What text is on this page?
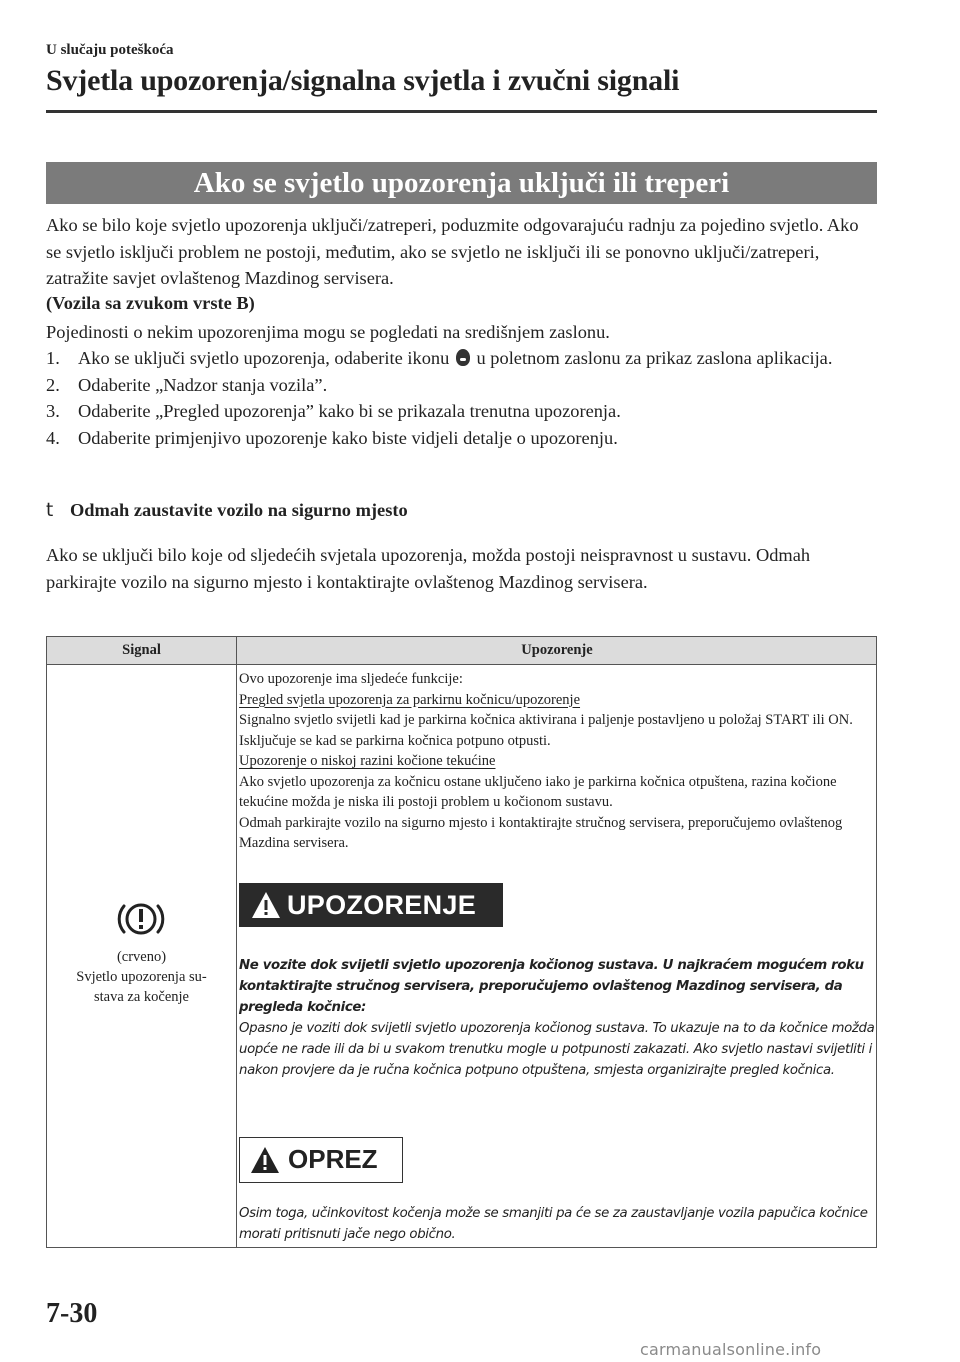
U slučaju poteškoća
Svjetla upozorenja/signalna svjetla i zvučni signali
Ako se svjetlo upozorenja uključi ili treperi
Ako se bilo koje svjetlo upozorenja uključi/zatreperi, poduzmite odgovarajuću radnju za pojedino svjetlo. Ako se svjetlo isključi problem ne postoji, međutim, ako se svjetlo ne isključi ili se ponovno uključi/zatreperi, zatražite savjet ovlaštenog Mazdinog servisera.
(Vozila sa zvukom vrste B)
Pojedinosti o nekim upozorenjima mogu se pogledati na središnjem zaslonu.
1. Ako se uključi svjetlo upozorenja, odaberite ikonu u poletnom zaslonu za prikaz zaslona aplikacija.
2. Odaberite „Nadzor stanja vozila”.
3. Odaberite „Pregled upozorenja” kako bi se prikazala trenutna upozorenja.
4. Odaberite primjenjivo upozorenje kako biste vidjeli detalje o upozorenju.
t Odmah zaustavite vozilo na sigurno mjesto
Ako se uključi bilo koje od sljedećih svjetala upozorenja, možda postoji neispravnost u sustavu. Odmah parkirajte vozilo na sigurno mjesto i kontaktirajte ovlaštenog Mazdinog servisera.
Signal	Upozorenje
(crveno)
Svjetlo upozorenja su-
stava za kočenje
Ovo upozorenje ima sljedeće funkcije:
Pregled svjetla upozorenja za parkirnu kočnicu/upozorenje
Signalno svjetlo svijetli kad je parkirna kočnica aktivirana i paljenje postavljeno u položaj START ili ON. Isključuje se kad se parkirna kočnica potpuno otpusti.
Upozorenje o niskoj razini kočione tekućine
Ako svjetlo upozorenja za kočnicu ostane uključeno iako je parkirna kočnica otpuštena, razina kočione tekućine možda je niska ili postoji problem u kočionom sustavu.
Odmah parkirajte vozilo na sigurno mjesto i kontaktirajte stručnog servisera, preporučujemo ovlaštenog Mazdina servisera.
UPOZORENJE
Ne vozite dok svijetli svjetlo upozorenja kočionog sustava. U najkraćem mogućem roku kontaktirajte stručnog servisera, preporučujemo ovlaštenog Mazdinog servisera, da pregleda kočnice:
Opasno je voziti dok svijetli svjetlo upozorenja kočionog sustava. To ukazuje na to da kočnice možda uopće ne rade ili da bi u svakom trenutku mogle u potpunosti zakazati. Ako svjetlo nastavi svijetliti i nakon provjere da je ručna kočnica potpuno otpuštena, smjesta organizirajte pregled kočnica.
OPREZ
Osim toga, učinkovitost kočenja može se smanjiti pa će se za zaustavljanje vozila papučica kočnice morati pritisnuti jače nego obično.
7-30
carmanualsonline.info
